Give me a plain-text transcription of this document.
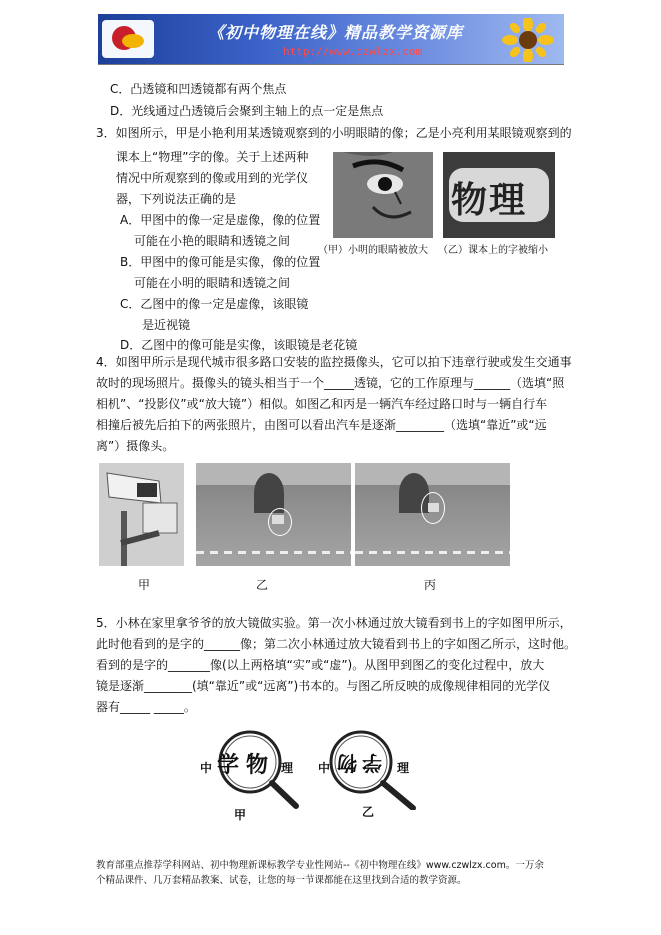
《初中物理在线》精品教学资源库
http://www.czwlzx.com
C．凸透镜和凹透镜都有两个焦点
D．光线通过凸透镜后会聚到主轴上的点一定是焦点
3．如图所示，甲是小艳利用某透镜观察到的小明眼睛的像；乙是小亮利用某眼镜观察到的
课本上“物理”字的像。关于上述两种
情况中所观察到的像或用到的光学仪
器，下列说法正确的是
A．甲图中的像一定是虚像，像的位置
可能在小艳的眼睛和透镜之间
B．甲图中的像可能是实像，像的位置
可能在小明的眼睛和透镜之间
C．乙图中的像一定是虚像，该眼镜
是近视镜
D．乙图中的像可能是实像，该眼镜是老花镜
物理
（甲）小明的眼睛被放大 （乙）课本上的字被缩小
4．如图甲所示是现代城市很多路口安装的监控摄像头，它可以拍下违章行驶或发生交通事
故时的现场照片。摄像头的镜头相当于一个_____透镜，它的工作原理与______（选填“照
相机”、“投影仪”或“放大镜”）相似。如图乙和丙是一辆汽车经过路口时与一辆自行车
相撞后被先后拍下的两张照片，由图可以看出汽车是逐渐________（选填“靠近”或“远
离”）摄像头。
甲	乙	丙
5．小林在家里拿爷爷的放大镜做实验。第一次小林通过放大镜看到书上的字如图甲所示，
此时他看到的是字的______像；第二次小林通过放大镜看到书上的字如图乙所示，这时他。
看到的是字的_______像(以上两格填“实”或“虚”)。从图甲到图乙的变化过程中，放大
镜是逐渐________(填“靠近”或“远离”)书本的。与图乙所反映的成像规律相同的光学仪
器有_____ _____。
中 学 物 理
甲
中 物 学 理
乙
教育部重点推荐学科网站、初中物理新课标教学专业性网站--《初中物理在线》www.czwlzx.com。一万余
个精品课件、几万套精品教案、试卷，让您的每一节课都能在这里找到合适的教学资源。
